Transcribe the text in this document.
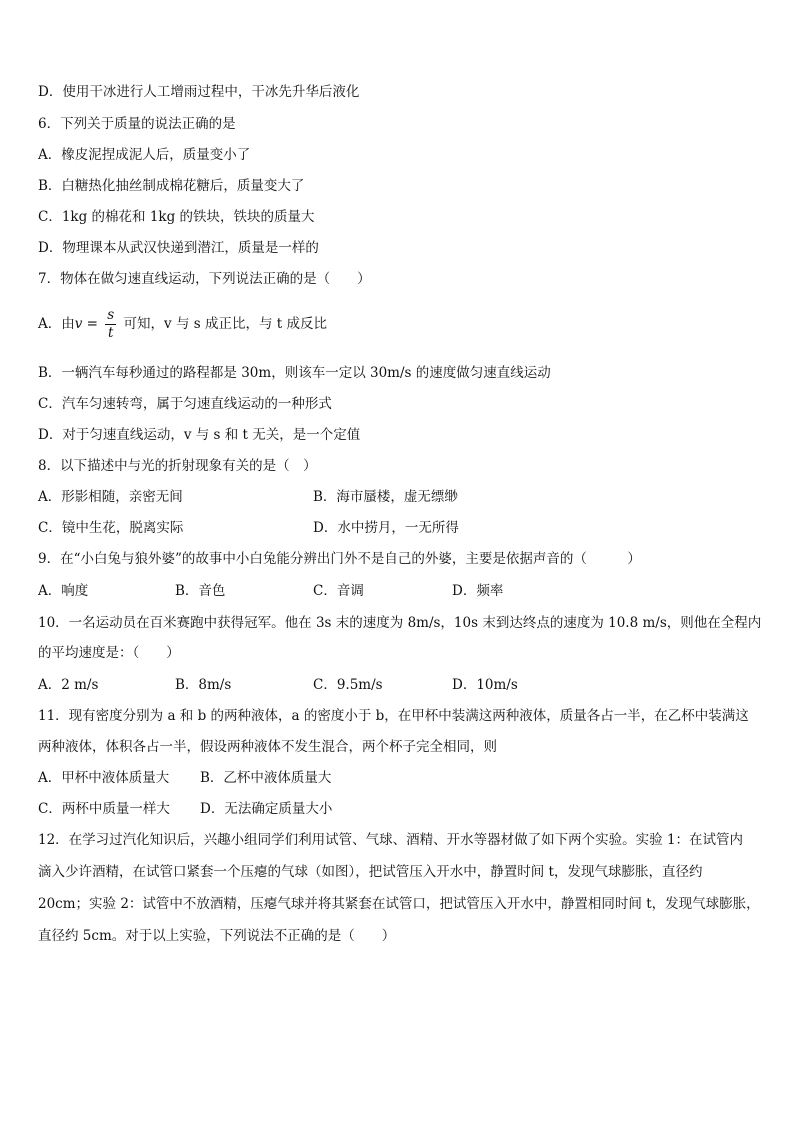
D．使用干冰进行人工增雨过程中，干冰先升华后液化
6．下列关于质量的说法正确的是
A．橡皮泥捏成泥人后，质量变小了
B．白糖热化抽丝制成棉花糖后，质量变大了
C．1kg 的棉花和 1kg 的铁块，铁块的质量大
D．物理课本从武汉快递到潜江，质量是一样的
7．物体在做匀速直线运动，下列说法正确的是（　　）
A．由$v = \frac{s}{t}$ 可知，v 与 s 成正比，与 t 成反比
B．一辆汽车每秒通过的路程都是 30m，则该车一定以 30m/s 的速度做匀速直线运动
C．汽车匀速转弯，属于匀速直线运动的一种形式
D．对于匀速直线运动，v 与 s 和 t 无关，是一个定值
8．以下描述中与光的折射现象有关的是（　）
A．形影相随，亲密无间	B．海市蜃楼，虚无缥缈
C．镜中生花，脱离实际	D．水中捞月，一无所得
9．在“小白兔与狼外婆”的故事中小白兔能分辨出门外不是自己的外婆，主要是依据声音的（　　　）
A．响度	B．音色	C．音调	D．频率
10．一名运动员在百米赛跑中获得冠军。他在 3s 末的速度为 8m/s，10s 末到达终点的速度为 10.8 m/s，则他在全程内
的平均速度是：（　　）
A．2 m/s	B．8m/s	C．9.5m/s	D．10m/s
11．现有密度分别为 a 和 b 的两种液体，a 的密度小于 b，在甲杯中装满这两种液体，质量各占一半，在乙杯中装满这
两种液体，体积各占一半，假设两种液体不发生混合，两个杯子完全相同，则
A．甲杯中液体质量大 B．乙杯中液体质量大
C．两杯中质量一样大 D．无法确定质量大小
12．在学习过汽化知识后，兴趣小组同学们利用试管、气球、酒精、开水等器材做了如下两个实验。实验 1：在试管内
滴入少许酒精，在试管口紧套一个压瘪的气球（如图），把试管压入开水中，静置时间 t，发现气球膨胀，直径约
20cm；实验 2：试管中不放酒精，压瘪气球并将其紧套在试管口，把试管压入开水中，静置相同时间 t，发现气球膨胀，
直径约 5cm。对于以上实验，下列说法不正确的是（　　）
